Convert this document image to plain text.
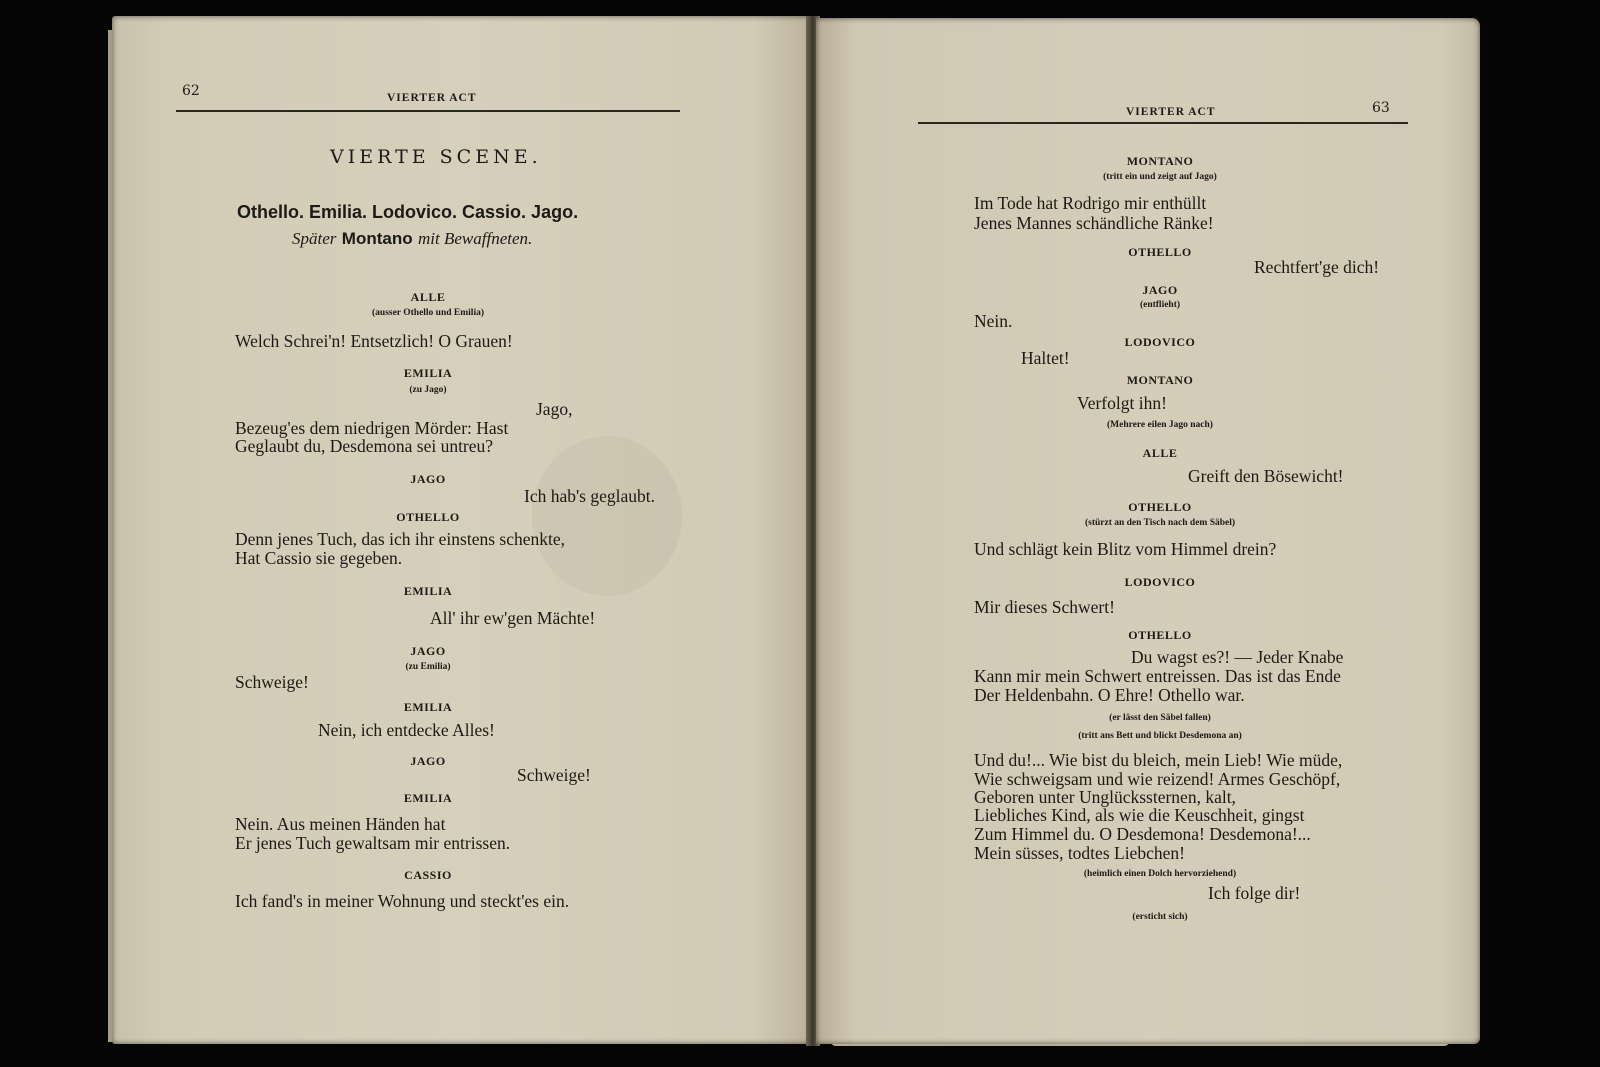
62	VIERTER ACT
VIERTE SCENE.
Othello. Emilia. Lodovico. Cassio. Jago.
Später Montano mit Bewaffneten.
ALLE
(ausser Othello und Emilia)
Welch Schrei'n! Entsetzlich! O Grauen!
EMILIA
(zu Jago)
Jago,
Bezeug'es dem niedrigen Mörder: Hast
Geglaubt du, Desdemona sei untreu?
JAGO
Ich hab's geglaubt.
OTHELLO
Denn jenes Tuch, das ich ihr einstens schenkte,
Hat Cassio sie gegeben.
EMILIA
All' ihr ew'gen Mächte!
JAGO
(zu Emilia)
Schweige!
EMILIA
Nein, ich entdecke Alles!
JAGO
Schweige!
EMILIA
Nein. Aus meinen Händen hat
Er jenes Tuch gewaltsam mir entrissen.
CASSIO
Ich fand's in meiner Wohnung und steckt'es ein.
VIERTER ACT	63
MONTANO
(tritt ein und zeigt auf Jago)
Im Tode hat Rodrigo mir enthüllt
Jenes Mannes schändliche Ränke!
OTHELLO
Rechtfert'ge dich!
JAGO
(entflieht)
Nein.
LODOVICO
Haltet!
MONTANO
Verfolgt ihn!
(Mehrere eilen Jago nach)
ALLE
Greift den Bösewicht!
OTHELLO
(stürzt an den Tisch nach dem Säbel)
Und schlägt kein Blitz vom Himmel drein?
LODOVICO
Mir dieses Schwert!
OTHELLO
Du wagst es?! — Jeder Knabe
Kann mir mein Schwert entreissen. Das ist das Ende
Der Heldenbahn. O Ehre! Othello war.
(er lässt den Säbel fallen)
(tritt ans Bett und blickt Desdemona an)
Und du!... Wie bist du bleich, mein Lieb! Wie müde,
Wie schweigsam und wie reizend! Armes Geschöpf,
Geboren unter Unglückssternen, kalt,
Liebliches Kind, als wie die Keuschheit, gingst
Zum Himmel du. O Desdemona! Desdemona!...
Mein süsses, todtes Liebchen!
(heimlich einen Dolch hervorziehend)
Ich folge dir!
(ersticht sich)
